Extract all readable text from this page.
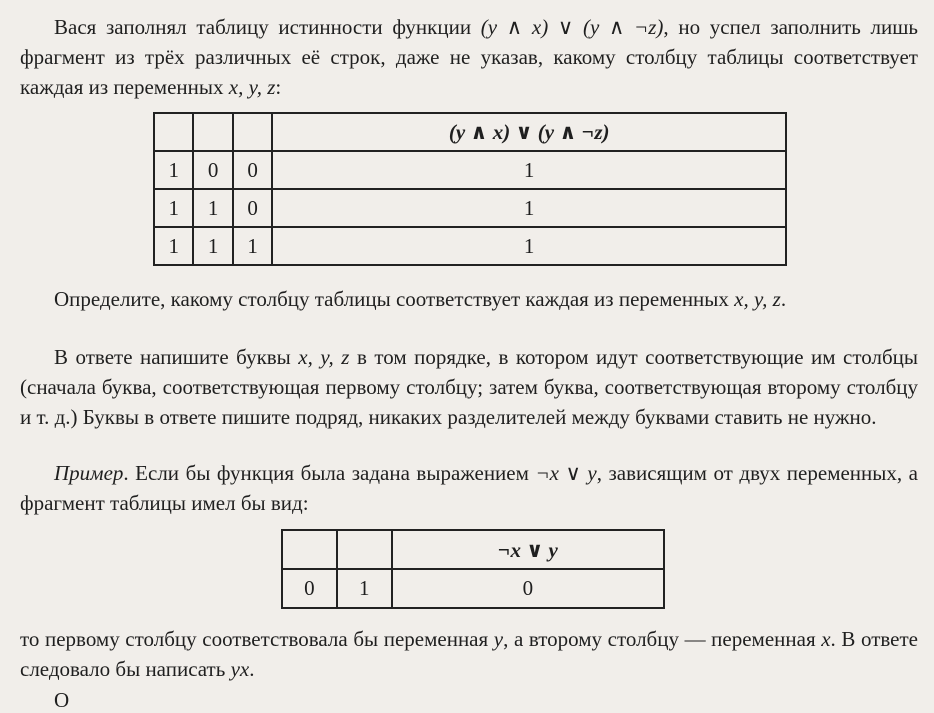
Вася заполнял таблицу истинности функции (y ∧ x) ∨ (y ∧ ¬z), но успел заполнить лишь фрагмент из трёх различных её строк, даже не указав, какому столбцу таблицы соответствует каждая из переменных x, y, z:

			(y ∧ x) ∨ (y ∧ ¬z)
1	0	0	1
1	1	0	1
1	1	1	1

Определите, какому столбцу таблицы соответствует каждая из переменных x, y, z.

В ответе напишите буквы x, y, z в том порядке, в котором идут соответствующие им столбцы (сначала буква, соответствующая первому столбцу; затем буква, соответствующая второму столбцу и т. д.) Буквы в ответе пишите подряд, никаких разделителей между буквами ставить не нужно.

Пример. Если бы функция была задана выражением ¬x ∨ y, зависящим от двух переменных, а фрагмент таблицы имел бы вид:

		¬x ∨ y
0	1	0

то первому столбцу соответствовала бы переменная y, а второму столбцу — переменная x. В ответе следовало бы написать yx.

О
